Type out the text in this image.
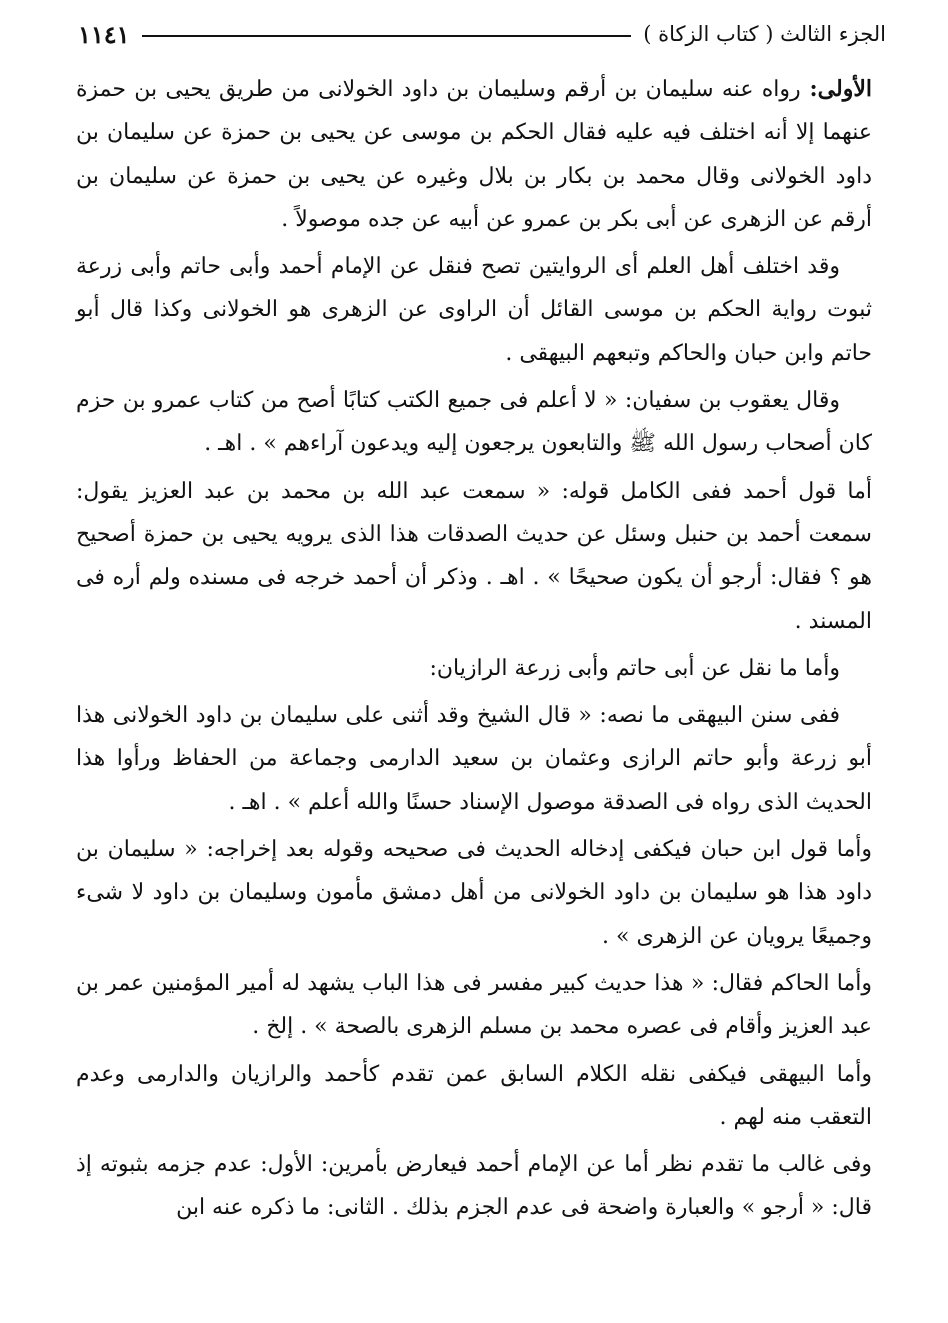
الجزء الثالث ( كتاب الزكاة )
١١٤١

الأولى: رواه عنه سليمان بن أرقم وسليمان بن داود الخولانى من طريق يحيى بن حمزة عنهما إلا أنه اختلف فيه عليه فقال الحكم بن موسى عن يحيى بن حمزة عن سليمان بن داود الخولانى وقال محمد بن بكار بن بلال وغيره عن يحيى بن حمزة عن سليمان بن أرقم عن الزهرى عن أبى بكر بن عمرو عن أبيه عن جده موصولاً .

وقد اختلف أهل العلم أى الروايتين تصح فنقل عن الإمام أحمد وأبى حاتم وأبى زرعة ثبوت رواية الحكم بن موسى القائل أن الراوى عن الزهرى هو الخولانى وكذا قال أبو حاتم وابن حبان والحاكم وتبعهم البيهقى .

وقال يعقوب بن سفيان: « لا أعلم فى جميع الكتب كتابًا أصح من كتاب عمرو بن حزم كان أصحاب رسول الله ﷺ والتابعون يرجعون إليه ويدعون آراءهم » . اهـ .

أما قول أحمد ففى الكامل قوله: « سمعت عبد الله بن محمد بن عبد العزيز يقول: سمعت أحمد بن حنبل وسئل عن حديث الصدقات هذا الذى يرويه يحيى بن حمزة أصحيح هو ؟ فقال: أرجو أن يكون صحيحًا » . اهـ . وذكر أن أحمد خرجه فى مسنده ولم أره فى المسند .

وأما ما نقل عن أبى حاتم وأبى زرعة الرازيان:

ففى سنن البيهقى ما نصه: « قال الشيخ وقد أثنى على سليمان بن داود الخولانى هذا أبو زرعة وأبو حاتم الرازى وعثمان بن سعيد الدارمى وجماعة من الحفاظ ورأوا هذا الحديث الذى رواه فى الصدقة موصول الإسناد حسنًا والله أعلم » . اهـ .

وأما قول ابن حبان فيكفى إدخاله الحديث فى صحيحه وقوله بعد إخراجه: « سليمان بن داود هذا هو سليمان بن داود الخولانى من أهل دمشق مأمون وسليمان بن داود لا شىء وجميعًا يرويان عن الزهرى » .

وأما الحاكم فقال: « هذا حديث كبير مفسر فى هذا الباب يشهد له أمير المؤمنين عمر بن عبد العزيز وأقام فى عصره محمد بن مسلم الزهرى بالصحة » . إلخ .

وأما البيهقى فيكفى نقله الكلام السابق عمن تقدم كأحمد والرازيان والدارمى وعدم التعقب منه لهم .

وفى غالب ما تقدم نظر أما عن الإمام أحمد فيعارض بأمرين: الأول: عدم جزمه بثبوته إذ قال: « أرجو » والعبارة واضحة فى عدم الجزم بذلك . الثانى: ما ذكره عنه ابن
